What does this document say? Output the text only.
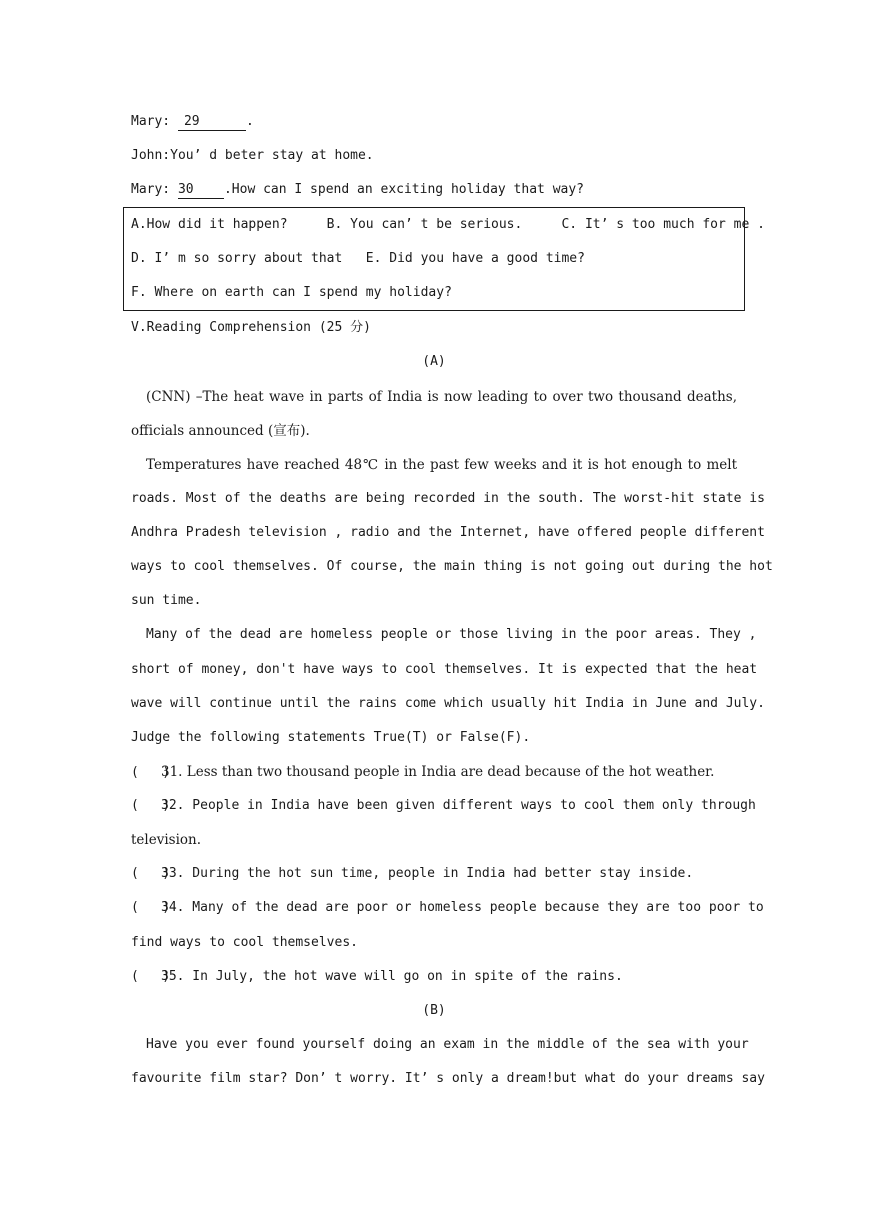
Mary: 29	.
John:You’ d beter stay at home.
Mary: 30 .How can I spend an exciting holiday that way?
A.How did it happen?     B. You can’ t be serious.     C. It’ s too much for me .
D. I’ m so sorry about that   E. Did you have a good time?
F. Where on earth can I spend my holiday?
V.Reading Comprehension (25 分)
(A)
(CNN) –The heat wave in parts of India is now leading to over two thousand deaths,
officials announced (宣布).
Temperatures have reached 48℃ in the past few weeks and it is hot enough to melt
roads. Most of the deaths are being recorded in the south. The worst-hit state is
Andhra Pradesh television , radio and the Internet, have offered people different
ways to cool themselves. Of course, the main thing is not going out during the hot
sun time.
Many of the dead are homeless people or those living in the poor areas. They ,
short of money, don't have ways to cool themselves. It is expected that the heat
wave will continue until the rains come which usually hit India in June and July.
Judge the following statements True(T) or False(F).
(   )31. Less than two thousand people in India are dead because of the hot weather.
(   )32. People in India have been given different ways to cool them only through
television.
(   )33. During the hot sun time, people in India had better stay inside.
(   )34. Many of the dead are poor or homeless people because they are too poor to
find ways to cool themselves.
(   )35. In July, the hot wave will go on in spite of the rains.
(B)
Have you ever found yourself doing an exam in the middle of the sea with your
favourite film star? Don’ t worry. It’ s only a dream!but what do your dreams say
